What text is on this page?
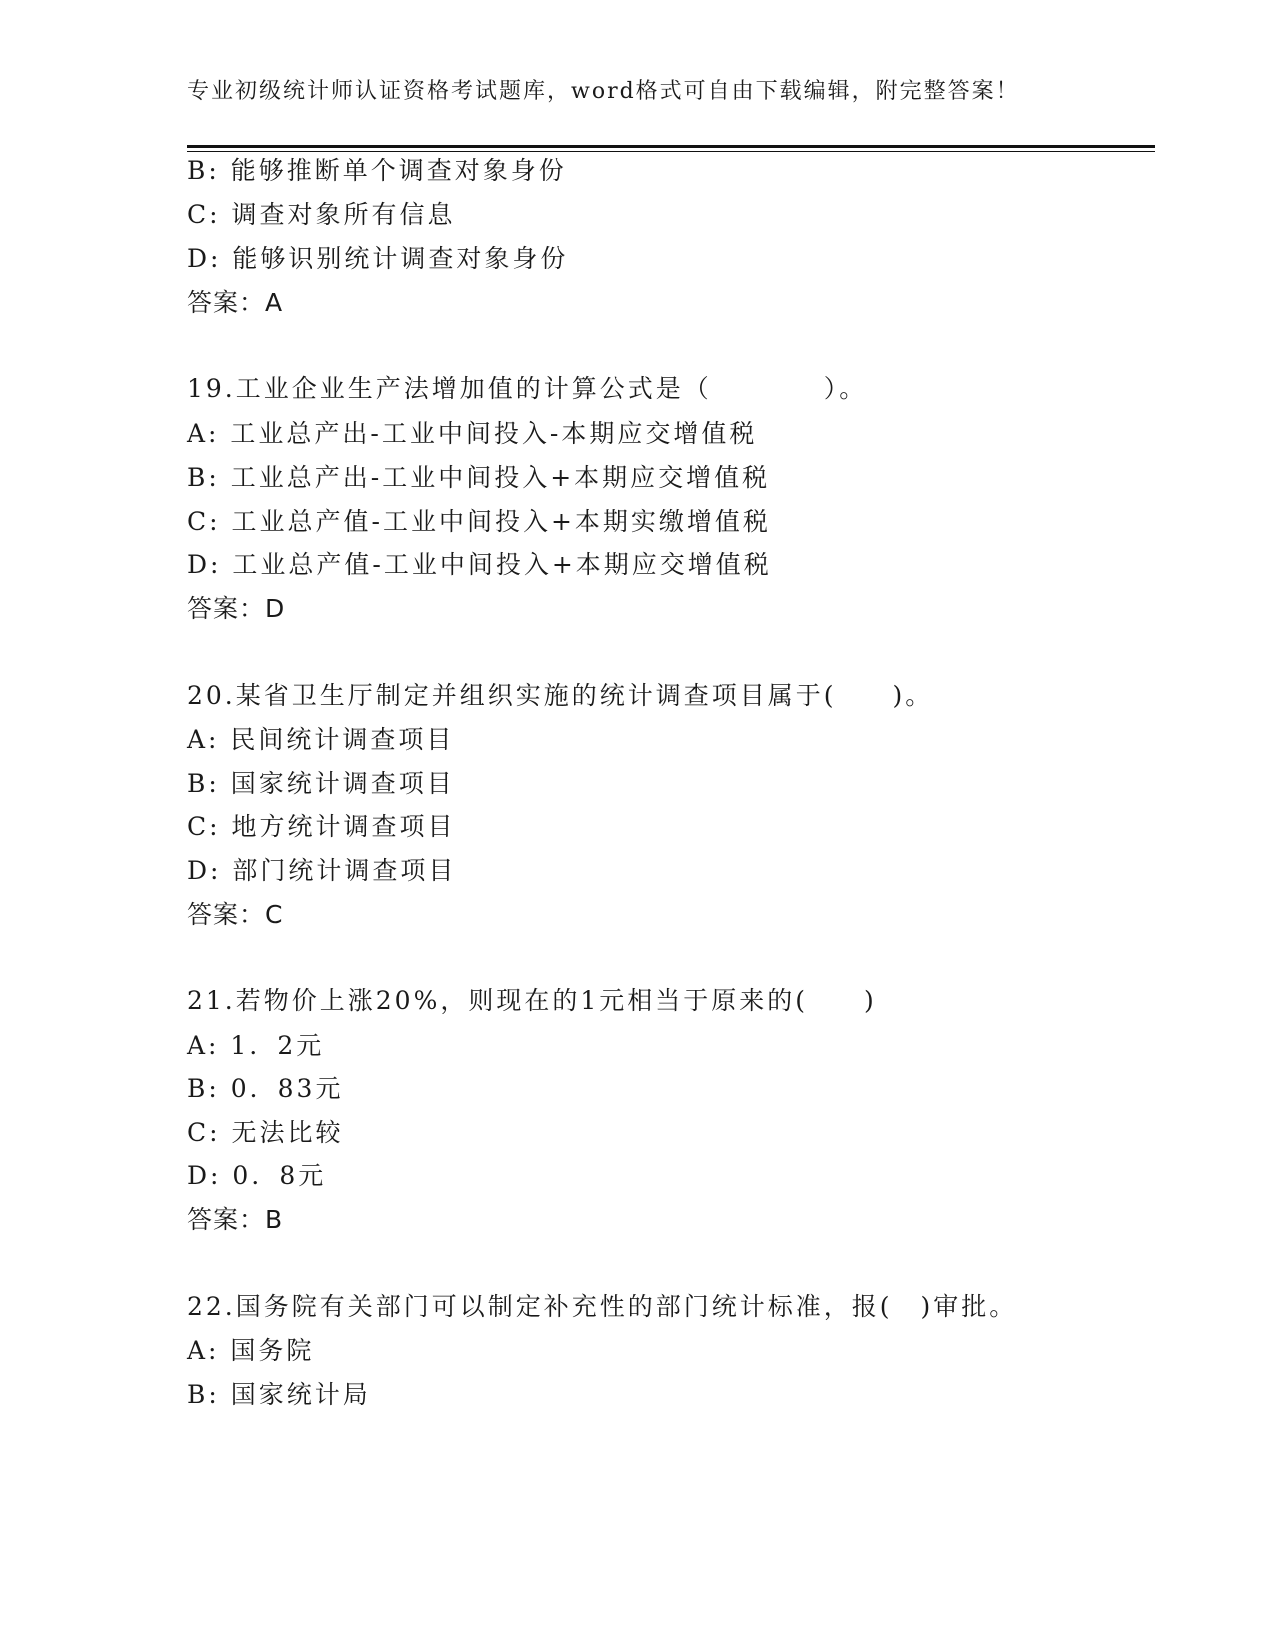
专业初级统计师认证资格考试题库，word格式可自由下载编辑，附完整答案！
B: 能够推断单个调查对象身份
C: 调查对象所有信息
D: 能够识别统计调查对象身份
答案：A
19.工业企业生产法增加值的计算公式是（　　　　）。
A: 工业总产出-工业中间投入-本期应交增值税
B: 工业总产出-工业中间投入+本期应交增值税
C: 工业总产值-工业中间投入+本期实缴增值税
D: 工业总产值-工业中间投入+本期应交增值税
答案：D
20.某省卫生厅制定并组织实施的统计调查项目属于(　　)。
A: 民间统计调查项目
B: 国家统计调查项目
C: 地方统计调查项目
D: 部门统计调查项目
答案：C
21.若物价上涨20%，则现在的1元相当于原来的(　　)
A: 1．2元
B: 0．83元
C: 无法比较
D: 0．8元
答案：B
22.国务院有关部门可以制定补充性的部门统计标准，报(　)审批。
A: 国务院
B: 国家统计局
